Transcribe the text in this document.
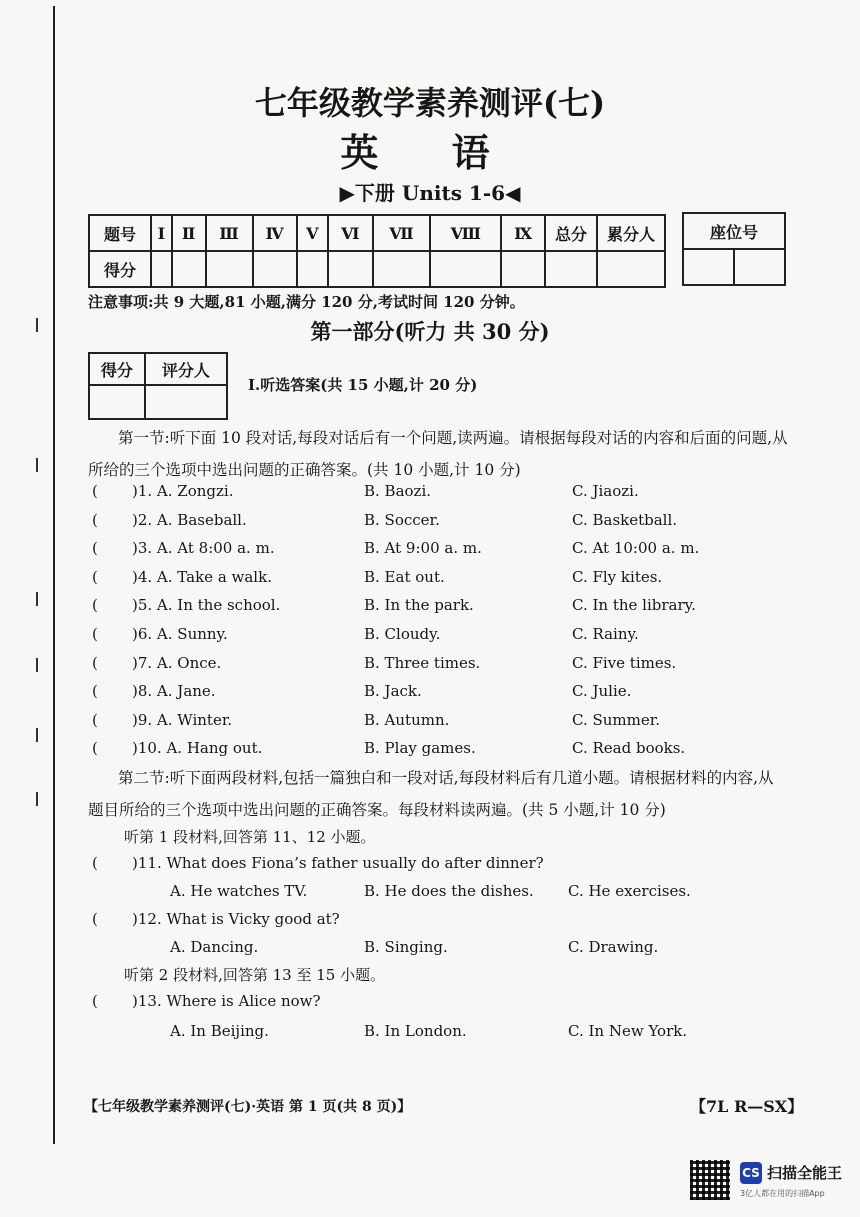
七年级教学素养测评(七)
英 语
▶下册 Units 1-6◀
题号	Ⅰ	Ⅱ	Ⅲ	Ⅳ	Ⅴ	Ⅵ	Ⅶ	Ⅷ	Ⅸ	总分	累分人
得分											
座位号

注意事项:共 9 大题,81 小题,满分 120 分,考试时间 120 分钟。
第一部分(听力 共 30 分)
得分	评分人

Ⅰ.听选答案(共 15 小题,计 20 分)
第一节:听下面 10 段对话,每段对话后有一个问题,读两遍。请根据每段对话的内容和后面的问题,从所给的三个选项中选出问题的正确答案。(共 10 小题,计 10 分)
( )1. A. Zongzi.	B. Baozi.	C. Jiaozi.
( )2. A. Baseball.	B. Soccer.	C. Basketball.
( )3. A. At 8:00 a. m.	B. At 9:00 a. m.	C. At 10:00 a. m.
( )4. A. Take a walk.	B. Eat out.	C. Fly kites.
( )5. A. In the school.	B. In the park.	C. In the library.
( )6. A. Sunny.	B. Cloudy.	C. Rainy.
( )7. A. Once.	B. Three times.	C. Five times.
( )8. A. Jane.	B. Jack.	C. Julie.
( )9. A. Winter.	B. Autumn.	C. Summer.
( )10. A. Hang out.	B. Play games.	C. Read books.
第二节:听下面两段材料,包括一篇独白和一段对话,每段材料后有几道小题。请根据材料的内容,从题目所给的三个选项中选出问题的正确答案。每段材料读两遍。(共 5 小题,计 10 分)
听第 1 段材料,回答第 11、12 小题。
( )11. What does Fiona’s father usually do after dinner?
A. He watches TV.	B. He does the dishes. C. He exercises.
( )12. What is Vicky good at?
A. Dancing.	B. Singing.	C. Drawing.
听第 2 段材料,回答第 13 至 15 小题。
( )13. Where is Alice now?
A. In Beijing.	B. In London.	C. In New York.
【七年级教学素养测评(七)·英语 第 1 页(共 8 页)】	【7L R—SX】
CS 扫描全能王
3亿人都在用的扫描App
